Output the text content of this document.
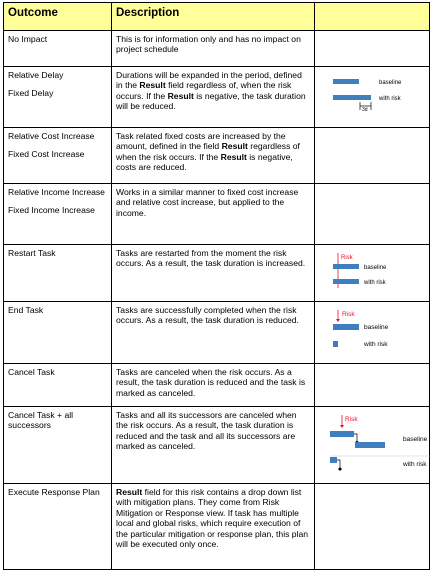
Outcome	Description	

No Impact	This is for information only and has no impact on project schedule	

Relative Delay
Fixed Delay	Durations will be expanded in the period, defined in the Result field regardless of, when the risk occurs. If the Result is negative, the task duration will be reduced.	baseline
with risk
3d

Relative Cost Increase
Fixed Cost Increase	Task related fixed costs are increased by the amount, defined in the field Result regardless of when the risk occurs. If the Result is negative, costs are reduced.	

Relative Income Increase
Fixed Income Increase	Works in a similar manner to fixed cost increase and relative cost increase, but applied to the income.	

Restart Task	Tasks are restarted from the moment the risk occurs. As a result, the task duration is increased.	Risk
baseline
with risk

End Task	Tasks are successfully completed when the risk occurs. As a result, the task duration is reduced.	Risk
baseline
with risk

Cancel Task	Tasks are canceled when the risk occurs. As a result, the task duration is reduced and the task is marked as canceled.	

Cancel Task + all successors	Tasks and all its successors are canceled when the risk occurs. As a result, the task duration is reduced and the task and all its successors are marked as canceled.	Risk
baseline
with risk

Execute Response Plan	Result field for this risk contains a drop down list with mitigation plans. They come from Risk Mitigation or Response view. If task has multiple local and global risks, which require execution of the particular mitigation or response plan, this plan will be executed only once.	
